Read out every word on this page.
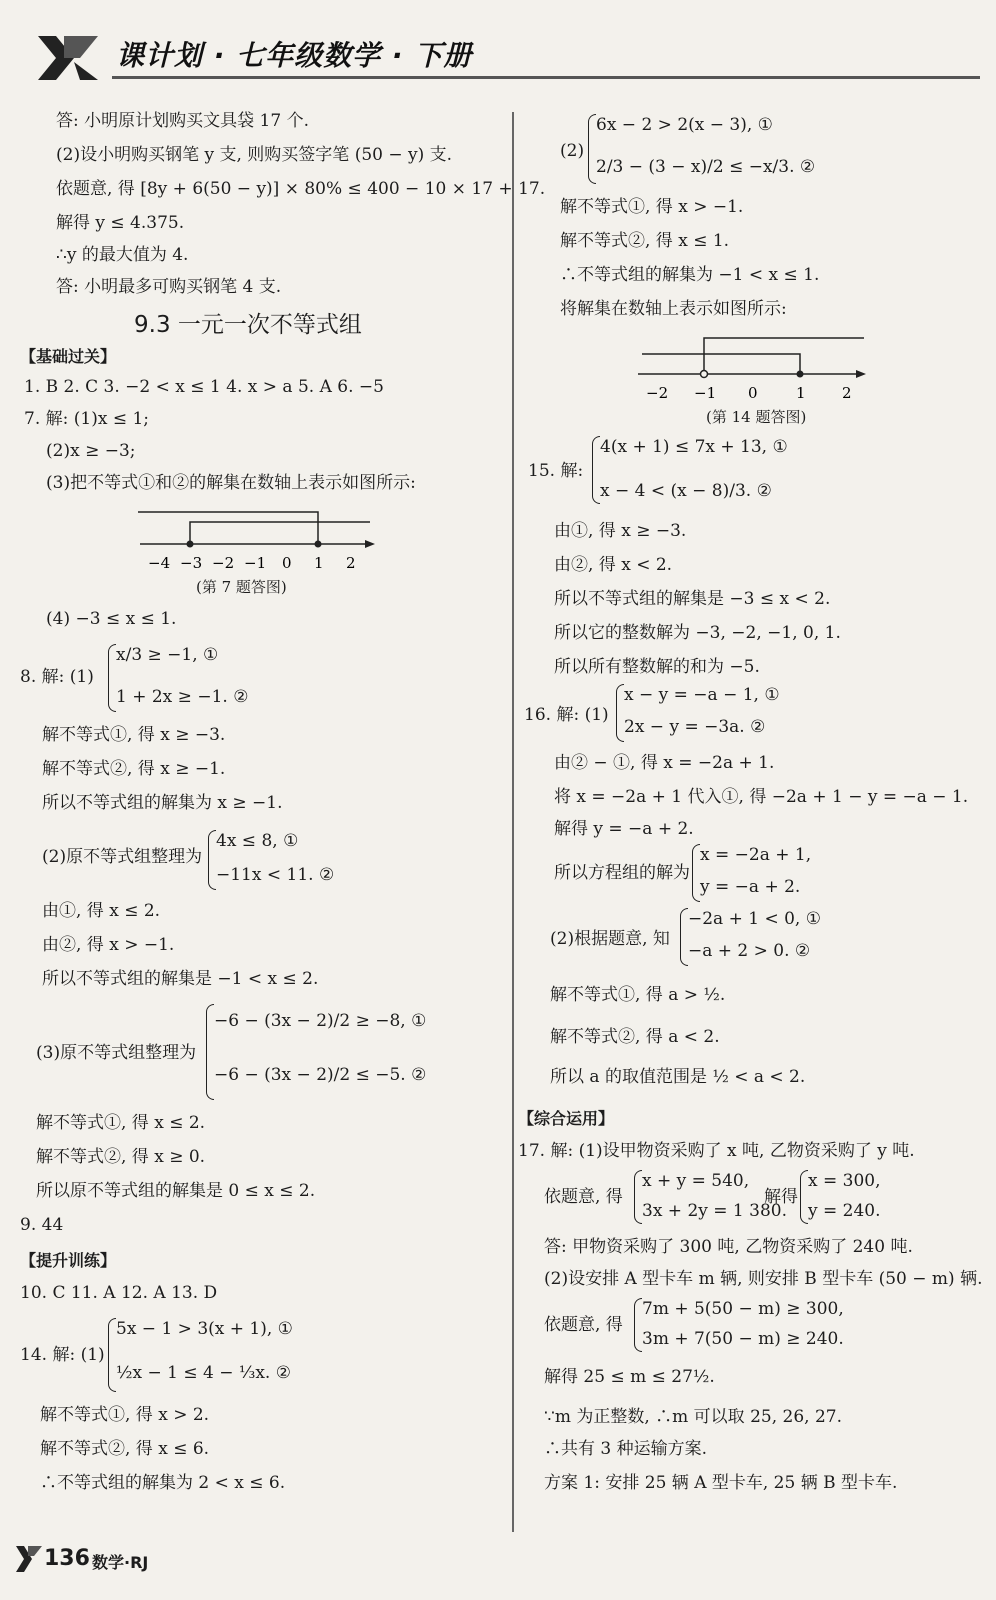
课计划 · 七年级数学 · 下册
答: 小明原计划购买文具袋 17 个.
(2)设小明购买钢笔 y 支, 则购买签字笔 (50 − y) 支.
依题意, 得 [8y + 6(50 − y)] × 80% ≤ 400 − 10 × 17 + 17.
解得 y ≤ 4.375.
∴y 的最大值为 4.
答: 小明最多可购买钢笔 4 支.
9.3 一元一次不等式组
【基础过关】
1. B 2. C 3. −2 < x ≤ 1 4. x > a 5. A 6. −5
7. 解: (1)x ≤ 1;
(2)x ≥ −3;
(3)把不等式①和②的解集在数轴上表示如图所示:
−4 −3 −2 −1 0 1 2
(第 7 题答图)
(4) −3 ≤ x ≤ 1.
8. 解: (1)
x/3 ≥ −1, ①
1 + 2x ≥ −1. ②
解不等式①, 得 x ≥ −3.
解不等式②, 得 x ≥ −1.
所以不等式组的解集为 x ≥ −1.
(2)原不等式组整理为
4x ≤ 8, ①
−11x < 11. ②
由①, 得 x ≤ 2.
由②, 得 x > −1.
所以不等式组的解集是 −1 < x ≤ 2.
(3)原不等式组整理为
−6 − (3x − 2)/2 ≥ −8, ①
−6 − (3x − 2)/2 ≤ −5. ②
解不等式①, 得 x ≤ 2.
解不等式②, 得 x ≥ 0.
所以原不等式组的解集是 0 ≤ x ≤ 2.
9. 44
【提升训练】
10. C 11. A 12. A 13. D
14. 解: (1)
5x − 1 > 3(x + 1), ①
½x − 1 ≤ 4 − ⅓x. ②
解不等式①, 得 x > 2.
解不等式②, 得 x ≤ 6.
∴不等式组的解集为 2 < x ≤ 6.
(2)
6x − 2 > 2(x − 3), ①
2/3 − (3 − x)/2 ≤ −x/3. ②
解不等式①, 得 x > −1.
解不等式②, 得 x ≤ 1.
∴不等式组的解集为 −1 < x ≤ 1.
将解集在数轴上表示如图所示:
−2 −1 0	1 2
(第 14 题答图)
15. 解:
4(x + 1) ≤ 7x + 13, ①
x − 4 < (x − 8)/3. ②
由①, 得 x ≥ −3.
由②, 得 x < 2.
所以不等式组的解集是 −3 ≤ x < 2.
所以它的整数解为 −3, −2, −1, 0, 1.
所以所有整数解的和为 −5.
16. 解: (1)
x − y = −a − 1, ①
2x − y = −3a. ②
由② − ①, 得 x = −2a + 1.
将 x = −2a + 1 代入①, 得 −2a + 1 − y = −a − 1.
解得 y = −a + 2.
所以方程组的解为
x = −2a + 1,
y = −a + 2.
(2)根据题意, 知
−2a + 1 < 0, ①
−a + 2 > 0. ②
解不等式①, 得 a > ½.
解不等式②, 得 a < 2.
所以 a 的取值范围是 ½ < a < 2.
【综合运用】
17. 解: (1)设甲物资采购了 x 吨, 乙物资采购了 y 吨.
依题意, 得
x + y = 540,
3x + 2y = 1 380.
解得
x = 300,
y = 240.
答: 甲物资采购了 300 吨, 乙物资采购了 240 吨.
(2)设安排 A 型卡车 m 辆, 则安排 B 型卡车 (50 − m) 辆.
依题意, 得
7m + 5(50 − m) ≥ 300,
3m + 7(50 − m) ≥ 240.
解得 25 ≤ m ≤ 27½.
∵m 为正整数, ∴m 可以取 25, 26, 27.
∴共有 3 种运输方案.
方案 1: 安排 25 辆 A 型卡车, 25 辆 B 型卡车.
136 数学·RJ
